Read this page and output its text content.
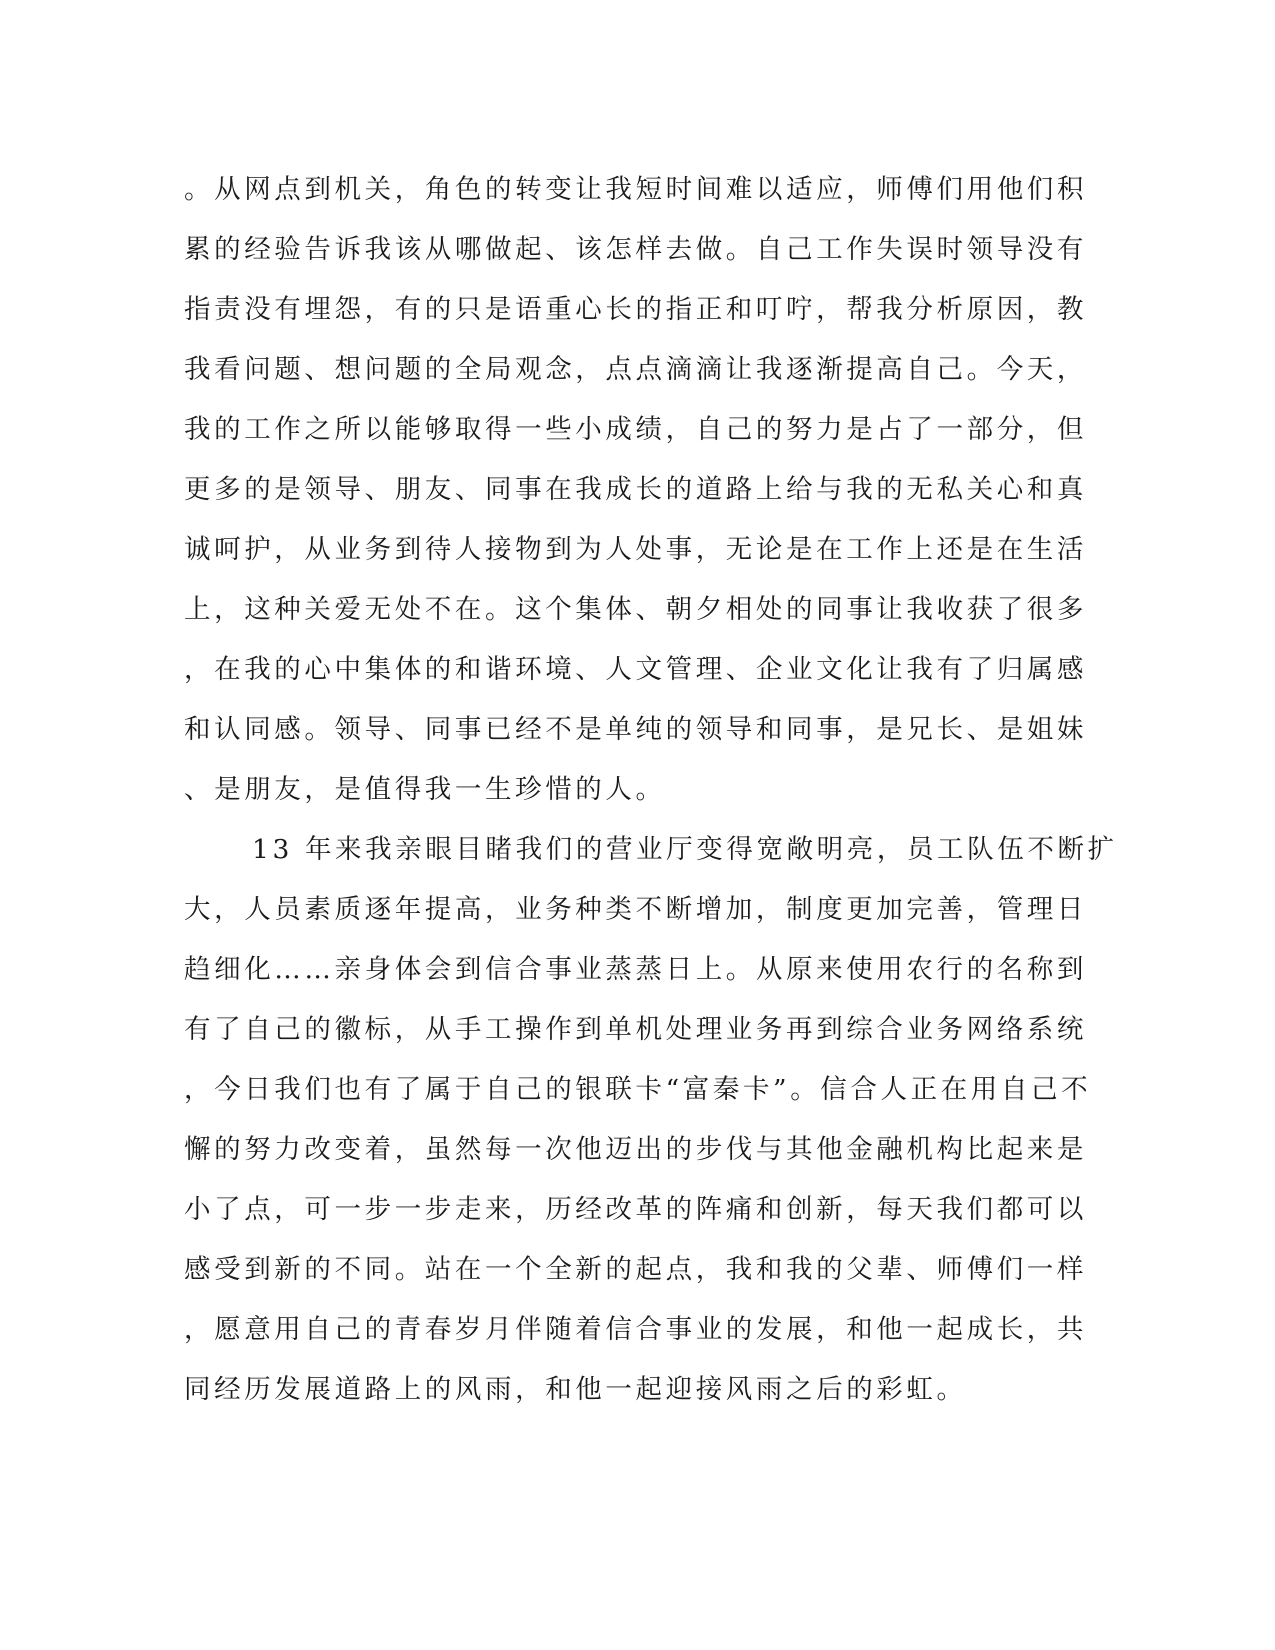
。从网点到机关，角色的转变让我短时间难以适应，师傅们用他们积
累的经验告诉我该从哪做起、该怎样去做。自己工作失误时领导没有
指责没有埋怨，有的只是语重心长的指正和叮咛，帮我分析原因，教
我看问题、想问题的全局观念，点点滴滴让我逐渐提高自己。今天，
我的工作之所以能够取得一些小成绩，自己的努力是占了一部分，但
更多的是领导、朋友、同事在我成长的道路上给与我的无私关心和真
诚呵护，从业务到待人接物到为人处事，无论是在工作上还是在生活
上，这种关爱无处不在。这个集体、朝夕相处的同事让我收获了很多
，在我的心中集体的和谐环境、人文管理、企业文化让我有了归属感
和认同感。领导、同事已经不是单纯的领导和同事，是兄长、是姐妹
、是朋友，是值得我一生珍惜的人。
13 年来我亲眼目睹我们的营业厅变得宽敞明亮，员工队伍不断扩
大，人员素质逐年提高，业务种类不断增加，制度更加完善，管理日
趋细化……亲身体会到信合事业蒸蒸日上。从原来使用农行的名称到
有了自己的徽标，从手工操作到单机处理业务再到综合业务网络系统
，今日我们也有了属于自己的银联卡“富秦卡”。信合人正在用自己不
懈的努力改变着，虽然每一次他迈出的步伐与其他金融机构比起来是
小了点，可一步一步走来，历经改革的阵痛和创新，每天我们都可以
感受到新的不同。站在一个全新的起点，我和我的父辈、师傅们一样
，愿意用自己的青春岁月伴随着信合事业的发展，和他一起成长，共
同经历发展道路上的风雨，和他一起迎接风雨之后的彩虹。
